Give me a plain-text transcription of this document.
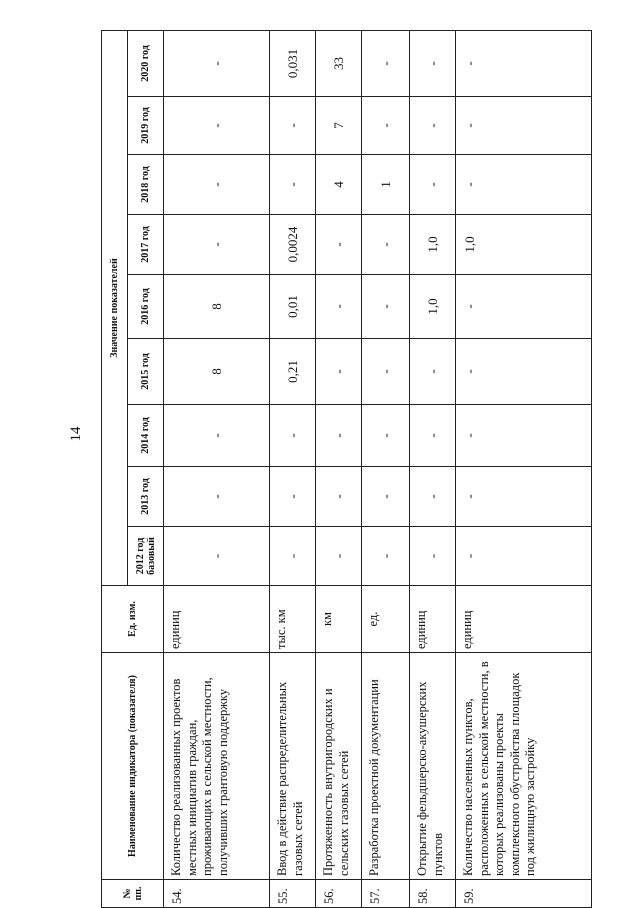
14
№ пп.	Наименование индикатора (показателя)	Ед. изм.	Значение показателей								
			2012 год базовый	2013 год	2014 год	2015 год	2016 год	2017 год	2018 год	2019 год	2020 год
54.	Количество реализованных проектов местных инициатив граждан, проживающих в сельской местности, получивших грантовую поддержку	единиц	-	-	-	8	8	-	-	-	-
55.	Ввод в действие распределительных газовых сетей	тыс. км	-	-	-	0,21	0,01	0,0024	-	-	0,031
56.	Протяженность внутригородских и сельских газовых сетей	км	-	-	-	-	-	-	4	7	33
57.	Разработка проектной документации	ед.	-	-	-	-	-	-	1	-	-
58.	Открытие фельдшерско-акушерских пунктов	единиц	-	-	-	-	1,0	1,0	-	-	-
59.	Количество населенных пунктов, расположенных в сельской местности, в которых реализованы проекты комплексного обустройства площадок под жилищную застройку	единиц	-	-	-	-	-	1,0	-	-	-
